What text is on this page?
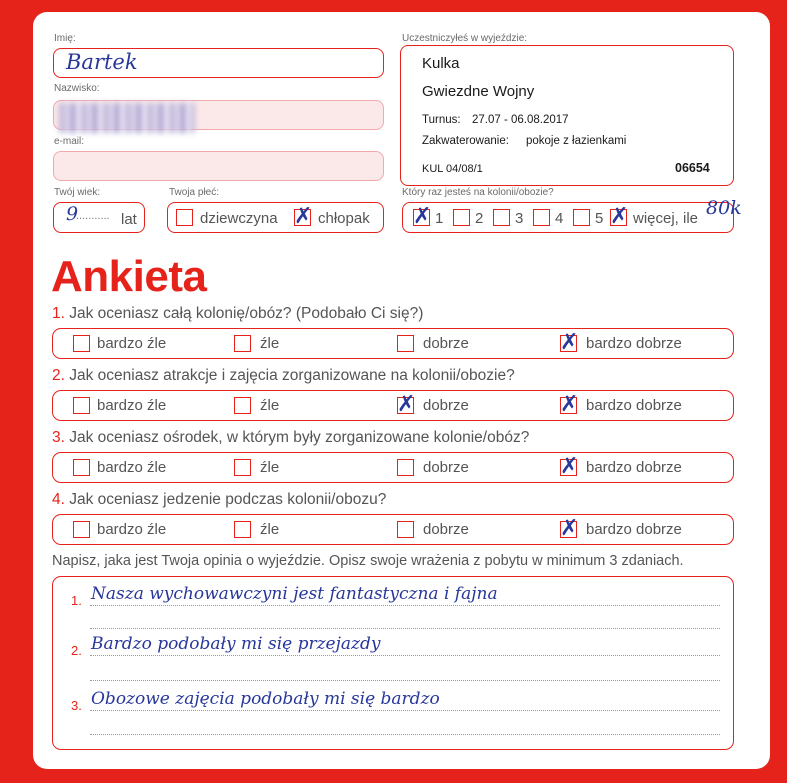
Imię:
Bartek
Nazwisko:
e-mail:
Twój wiek:
9
........... lat
Twoja płeć:
dziewczyna ✗ chłopak
Uczestniczyłeś w wyjeździe:
Kulka
Gwiezdne Wojny
Turnus: 27.07 - 06.08.2017
Zakwaterowanie: pokoje z łazienkami
KUL 04/08/1	06654
Który raz jesteś na kolonii/obozie?
✗ 1 2 3 4 5 ✗ więcej, ile 80k
Ankieta
1. Jak oceniasz całą kolonię/obóz? (Podobało Ci się?)
bardzo źle	źle	dobrze	✗ bardzo dobrze
2. Jak oceniasz atrakcje i zajęcia zorganizowane na kolonii/obozie?
bardzo źle	źle	✗ dobrze	✗ bardzo dobrze
3. Jak oceniasz ośrodek, w którym były zorganizowane kolonie/obóz?
bardzo źle	źle	dobrze	✗ bardzo dobrze
4. Jak oceniasz jedzenie podczas kolonii/obozu?
bardzo źle	źle	dobrze	✗ bardzo dobrze
Napisz, jaka jest Twoja opinia o wyjeździe. Opisz swoje wrażenia z pobytu w minimum 3 zdaniach.
1. Nasza wychowawczyni jest fantastyczna i fajna
2. Bardzo podobały mi się przejazdy
3. Obozowe zajęcia podobały mi się bardzo
